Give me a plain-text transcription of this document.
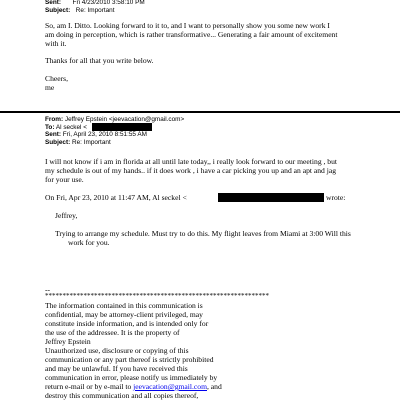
Sent: Fri 4/23/2010 3:58:10 PM
Subject: Re: Important
So, am I. Ditto. Looking forward to it to, and I want to personally show you some new work I
am doing in perception, which is rather transformative... Generating a fair amount of excitement
with it.
Thanks for all that you write below.
Cheers,
me
From: Jeffrey Epstein <jeevacation@gmail.com>
To: Al seckel <
Sent: Fri, April 23, 2010 8:51:55 AM
Subject: Re: Important
I will not know if i am in florida at all until late today,, i really look forward to our meeting , but
my schedule is out of my hands.. if it does work , i have a car picking you up and an apt and jag
for your use.
On Fri, Apr 23, 2010 at 11:47 AM, Al seckel <	wrote:
Jeffrey,
Trying to arrange my schedule. Must try to do this. My flight leaves from Miami at 3:00 Will this
work for you.
--
****************************************************************
The information contained in this communication is
confidential, may be attorney-client privileged, may
constitute inside information, and is intended only for
the use of the addressee. It is the property of
Jeffrey Epstein
Unauthorized use, disclosure or copying of this
communication or any part thereof is strictly prohibited
and may be unlawful. If you have received this
communication in error, please notify us immediately by
return e-mail or by e-mail to jeevacation@gmail.com, and
destroy this communication and all copies thereof,
